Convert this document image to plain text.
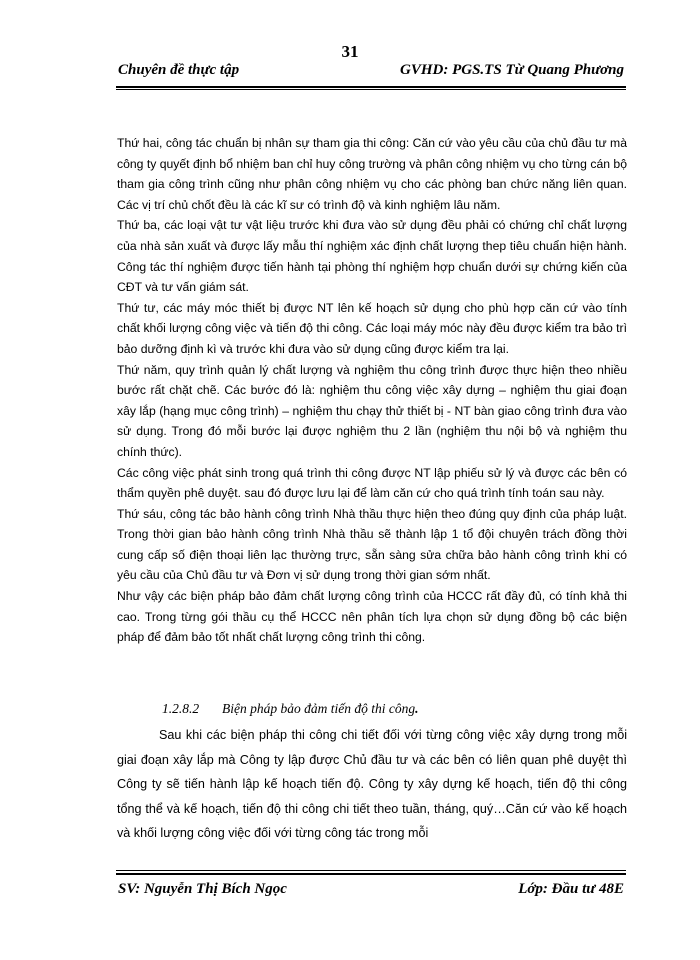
31
Chuyên đề thực tập	GVHD: PGS.TS Từ Quang Phương

Thứ hai, công tác chuẩn bị nhân sự tham gia thi công: Căn cứ vào yêu cầu của chủ đầu tư mà công ty quyết định bổ nhiệm ban chỉ huy công trường và phân công nhiệm vụ cho từng cán bộ tham gia công trình cũng như phân công nhiệm vụ cho các phòng ban chức năng liên quan. Các vị trí chủ chốt đều là các kĩ sư có trình độ và kinh nghiệm lâu năm.

Thứ ba, các loại vật tư vật liệu trước khi đưa vào sử dụng đều phải có chứng chỉ chất lượng của nhà sản xuất và được lấy mẫu thí nghiệm xác định chất lượng thep tiêu chuẩn hiện hành. Công tác thí nghiệm được tiến hành tại phòng thí nghiệm hợp chuẩn dưới sự chứng kiến của CĐT và tư vấn giám sát.

Thứ tư, các máy móc thiết bị được NT lên kế hoạch sử dụng cho phù hợp căn cứ vào tính chất khối lượng công việc và tiến độ thi công. Các loại máy móc này đều được kiểm tra bảo trì bảo dưỡng định kì và trước khi đưa vào sử dụng cũng được kiểm tra lại.

Thứ năm, quy trình quản lý chất lượng và nghiệm thu công trình được thực hiện theo nhiều bước rất chặt chẽ. Các bước đó là: nghiệm thu công việc xây dựng – nghiệm thu giai đoạn xây lắp (hạng mục công trình) – nghiệm thu chạy thử thiết bị - NT bàn giao công trình đưa vào sử dụng. Trong đó mỗi bước lại được nghiệm thu 2 lần (nghiệm thu nội bộ và nghiệm thu chính thức).

Các công việc phát sinh trong quá trình thi công được NT lập phiếu sử lý và được các bên có thẩm quyền phê duyệt. sau đó được lưu lại để làm căn cứ cho quá trình tính toán sau này.

Thứ sáu, công tác bảo hành công trình Nhà thầu thực hiện theo đúng quy định của pháp luật. Trong thời gian bảo hành công trình Nhà thầu sẽ thành lập 1 tổ đội chuyên trách đồng thời cung cấp số điện thoại liên lạc thường trực, sẵn sàng sửa chữa bảo hành công trình khi có yêu cầu của Chủ đầu tư và Đơn vị sử dụng trong thời gian sớm nhất.

Như vậy các biện pháp bảo đảm chất lượng công trình của HCCC rất đầy đủ, có tính khả thi cao. Trong từng gói thầu cụ thể HCCC nên phân tích lựa chọn sử dụng đồng bộ các biện pháp để đảm bảo tốt nhất chất lượng công trình thi công.

1.2.8.2 Biện pháp bảo đảm tiến độ thi công.

Sau khi các biện pháp thi công chi tiết đối với từng công việc xây dựng trong mỗi giai đoạn xây lắp mà Công ty lập được Chủ đầu tư và các bên có liên quan phê duyệt thì Công ty sẽ tiến hành lập kế hoạch tiến độ. Công ty xây dựng kế hoạch, tiến độ thi công tổng thể và kế hoạch, tiến độ thi công chi tiết theo tuần, tháng, quý…Căn cứ vào kế hoạch và khối lượng công việc đối với từng công tác trong mỗi

SV: Nguyễn Thị Bích Ngọc	Lớp: Đầu tư 48E
